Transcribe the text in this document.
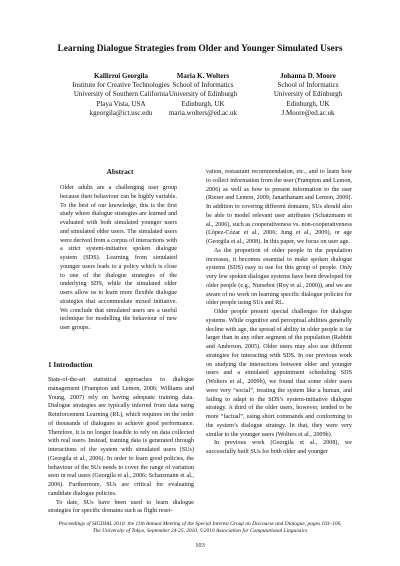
Learning Dialogue Strategies from Older and Younger Simulated Users
Kallirroi Georgila
Institute for Creative Technologies
University of Southern California
Playa Vista, USA
kgeorgila@ict.usc.edu
Maria K. Wolters
School of Informatics
University of Edinburgh
Edinburgh, UK
maria.wolters@ed.ac.uk
Johanna D. Moore
School of Informatics
University of Edinburgh
Edinburgh, UK
J.Moore@ed.ac.uk
Abstract
Older adults are a challenging user group because their behaviour can be highly variable. To the best of our knowledge, this is the first study where dialogue strategies are learned and evaluated with both simulated younger users and simulated older users. The simulated users were derived from a corpus of interactions with a strict system-initiative spoken dialogue system (SDS). Learning from simulated younger users leads to a policy which is close to one of the dialogue strategies of the underlying SDS, while the simulated older users allow us to learn more flexible dialogue strategies that accommodate mixed initiative. We conclude that simulated users are a useful technique for modelling the behaviour of new user groups.
1 Introduction

State-of-the-art statistical approaches to dialogue management (Frampton and Lemon, 2006; Williams and Young, 2007) rely on having adequate training data. Dialogue strategies are typically inferred from data using Reinforcement Learning (RL), which requires on the order of thousands of dialogues to achieve good performance. Therefore, it is no longer feasible to rely on data collected with real users. Instead, training data is generated through interactions of the system with simulated users (SUs) (Georgila et al., 2006). In order to learn good policies, the behaviour of the SUs needs to cover the range of variation seen in real users (Georgila et al., 2006; Schatzmann et al., 2006). Furthermore, SUs are critical for evaluating candidate dialogue policies.

To date, SUs have been used to learn dialogue strategies for specific domains such as flight reser-

vation, restaurant recommendation, etc., and to learn how to collect information from the user (Frampton and Lemon, 2006) as well as how to present information to the user (Rieser and Lemon, 2009; Janarthanam and Lemon, 2009). In addition to covering different domains, SUs should also be able to model relevant user attributes (Schatzmann et al., 2006), such as cooperativeness vs. non-cooperativeness (López-Cózar et al., 2006; Jung et al., 2009), or age (Georgila et al., 2008). In this paper, we focus on user age.

As the proportion of older people in the population increases, it becomes essential to make spoken dialogue systems (SDS) easy to use for this group of people. Only very few spoken dialogue systems have been developed for older people (e.g., Nursebot (Roy et al., 2000)), and we are aware of no work on learning specific dialogue policies for older people using SUs and RL.

Older people present special challenges for dialogue systems. While cognitive and perceptual abilities generally decline with age, the spread of ability in older people is far larger than in any other segment of the population (Rabbitt and Anderson, 2005). Older users may also use different strategies for interacting with SDS. In our previous work on studying the interactions between older and younger users and a simulated appointment scheduling SDS (Wolters et al., 2009b), we found that some older users were very “social”, treating the system like a human, and failing to adapt to the SDS’s system-initiative dialogue strategy. A third of the older users, however, tended to be more “factual”, using short commands and conforming to the system’s dialogue strategy. In that, they were very similar to the younger users (Wolters et al., 2009b).

In previous work (Georgila et al., 2008), we successfully built SUs for both older and younger

Proceedings of SIGDIAL 2010: the 11th Annual Meeting of the Special Interest Group on Discourse and Dialogue, pages 103–106,
The University of Tokyo, September 24-25, 2010. ©2010 Association for Computational Linguistics
103
